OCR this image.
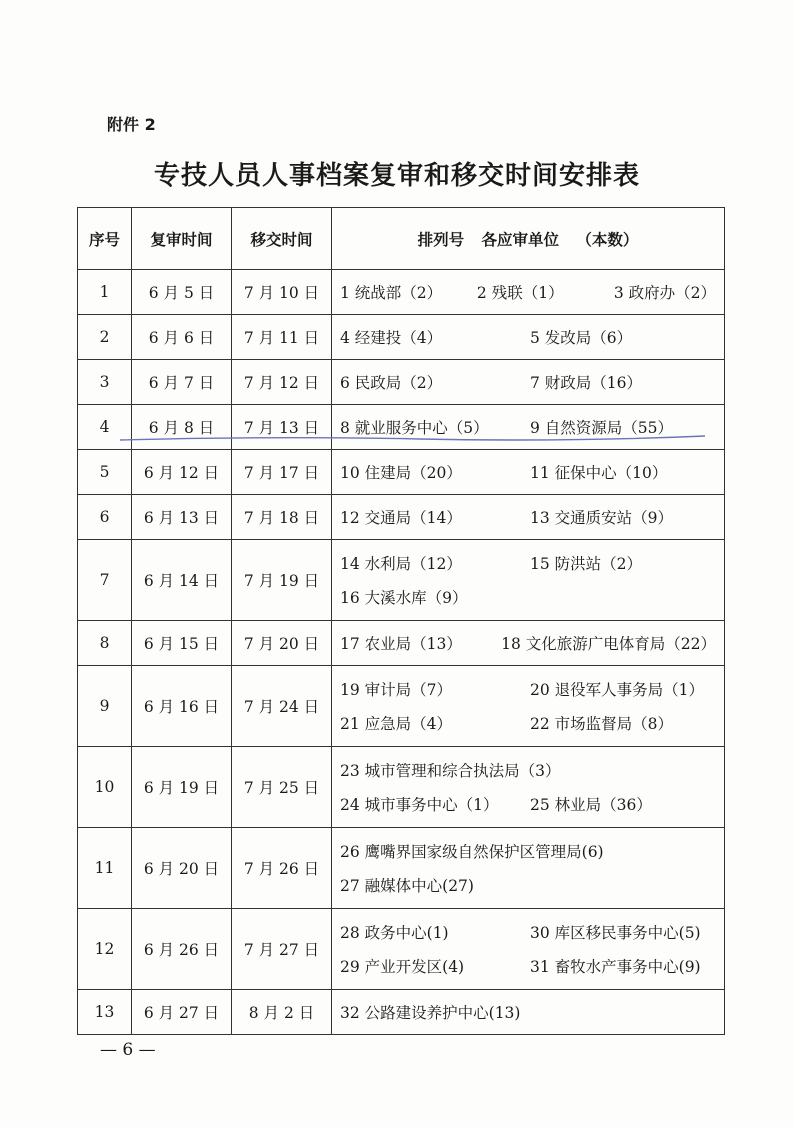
附件 2
专技人员人事档案复审和移交时间安排表
序号	复审时间	移交时间	排列号 各应审单位 （本数）
1	6 月 5 日	7 月 10 日	1 统战部（2） 2 残联（1） 3 政府办（2）

2	6 月 6 日	7 月 11 日	4 经建投（4） 5 发改局（6）

3	6 月 7 日	7 月 12 日	6 民政局（2） 7 财政局（16）

4	6 月 8 日	7 月 13 日	8 就业服务中心（5） 9 自然资源局（55）

5	6 月 12 日	7 月 17 日	10 住建局（20） 11 征保中心（10）

6	6 月 13 日	7 月 18 日	12 交通局（14） 13 交通质安站（9）

7	6 月 14 日	7 月 19 日	14 水利局（12） 15 防洪站（2）
16 大溪水库（9）

8	6 月 15 日	7 月 20 日	17 农业局（13） 18 文化旅游广电体育局（22）

9	6 月 16 日	7 月 24 日	19 审计局（7） 20 退役军人事务局（1）
21 应急局（4） 22 市场监督局（8）

10	6 月 19 日	7 月 25 日	23 城市管理和综合执法局（3）
24 城市事务中心（1） 25 林业局（36）

11	6 月 20 日	7 月 26 日	26 鹰嘴界国家级自然保护区管理局(6)
27 融媒体中心(27)

12	6 月 26 日	7 月 27 日	28 政务中心(1) 30 库区移民事务中心(5)
29 产业开发区(4) 31 畜牧水产事务中心(9)

13	6 月 27 日	8 月 2 日	32 公路建设养护中心(13)
— 6 —
